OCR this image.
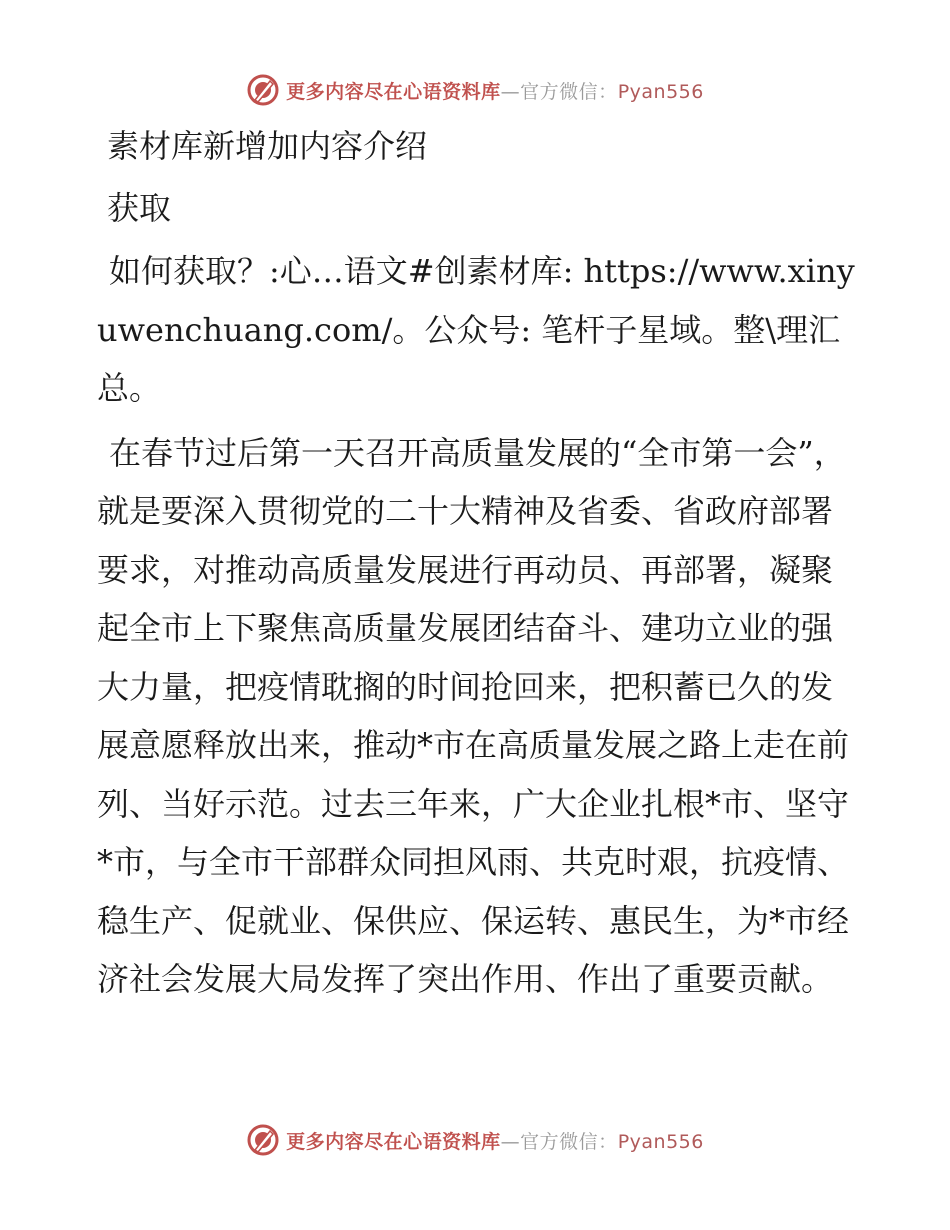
更多内容尽在心语资料库—官方微信：Pyan556
素材库新增加内容介绍
获取

如何获取？:心…语文#创素材库: https://www.xinyuwenchuang.com/。公众号: 笔杆子星域。整\理汇总。

在春节过后第一天召开高质量发展的“全市第一会”，就是要深入贯彻党的二十大精神及省委、省政府部署要求，对推动高质量发展进行再动员、再部署，凝聚起全市上下聚焦高质量发展团结奋斗、建功立业的强大力量，把疫情耽搁的时间抢回来，把积蓄已久的发展意愿释放出来，推动*市在高质量发展之路上走在前列、当好示范。过去三年来，广大企业扎根*市、坚守*市，与全市干部群众同担风雨、共克时艰，抗疫情、稳生产、促就业、保供应、保运转、惠民生，为*市经济社会发展大局发挥了突出作用、作出了重要贡献。

更多内容尽在心语资料库—官方微信：Pyan556
